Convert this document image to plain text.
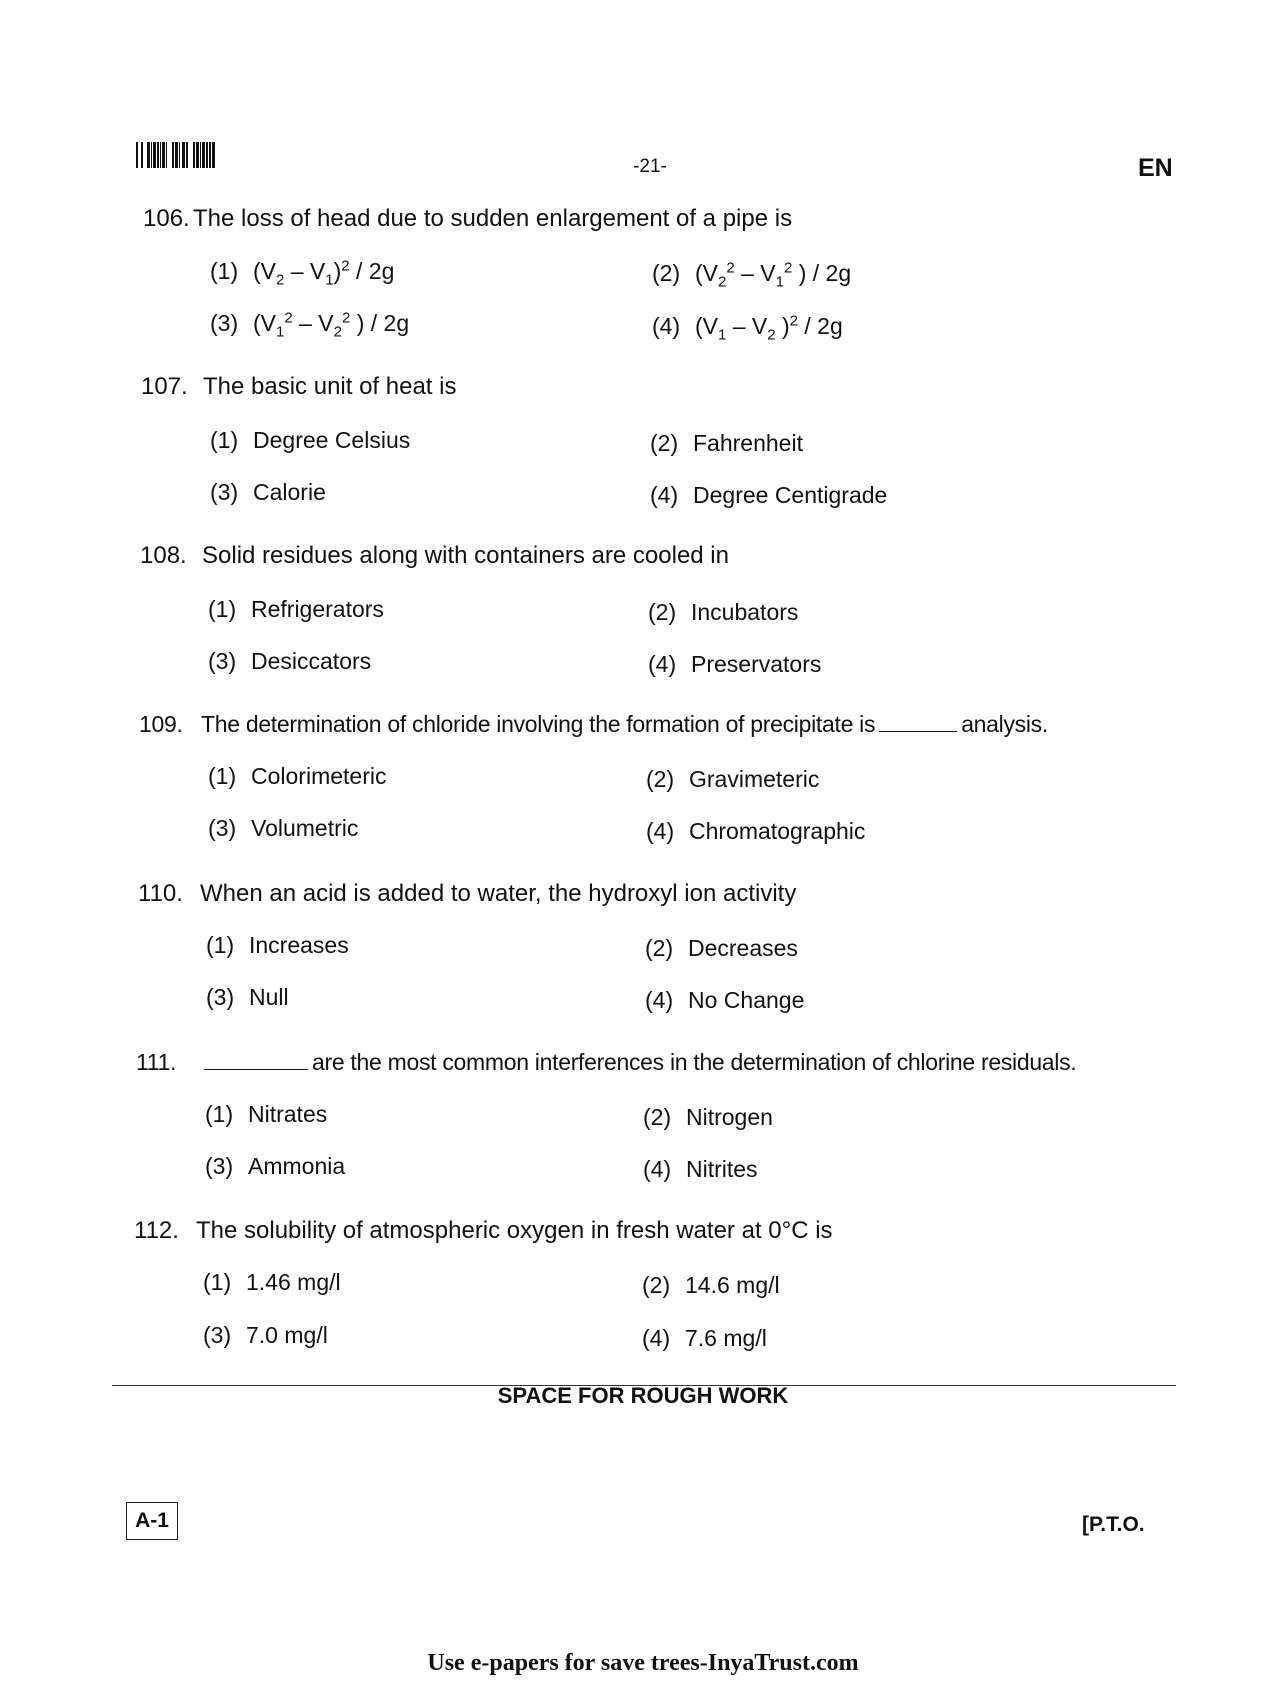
-21-	EN
106. The loss of head due to sudden enlargement of a pipe is
(1) $(V_2 - V_1)^2 / 2g$	(2) ($V_2^2 - V_1^2$ ) / 2g
(3) ($V_1^2 - V_2^2$ ) / 2g	(4) ($V_1 - V_2$ )$^2$ / 2g
107. The basic unit of heat is
(1) Degree Celsius	(2) Fahrenheit
(3) Calorie	(4) Degree Centigrade
108. Solid residues along with containers are cooled in
(1) Refrigerators	(2) Incubators
(3) Desiccators	(4) Preservators
109. The determination of chloride involving the formation of precipitate is	analysis.
(1) Colorimeteric	(2) Gravimeteric
(3) Volumetric	(4) Chromatographic
110. When an acid is added to water, the hydroxyl ion activity
(1) Increases	(2) Decreases
(3) Null	(4) No Change
111.	are the most common interferences in the determination of chlorine residuals.
(1) Nitrates	(2) Nitrogen
(3) Ammonia	(4) Nitrites
112. The solubility of atmospheric oxygen in fresh water at 0°C is
(1) 1.46 mg/l	(2) 14.6 mg/l
(3) 7.0 mg/l	(4) 7.6 mg/l
SPACE FOR ROUGH WORK
A-1	[P.T.O.
Use e-papers for save trees-InyaTrust.com
